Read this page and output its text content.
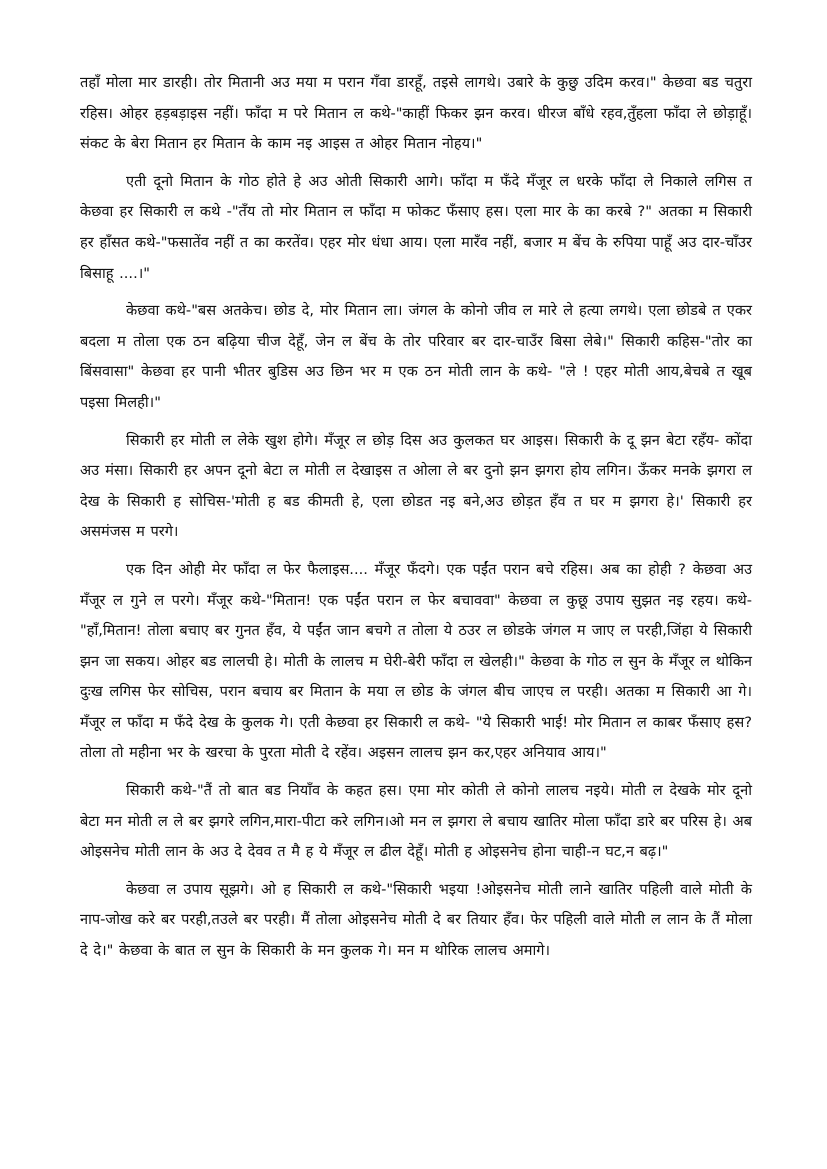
तहाँ मोला मार डारही। तोर मितानी अउ मया म परान गँवा डारहूँ, तइसे लागथे। उबारे के कुछु उदिम करव।" केछवा बड चतुरा रहिस। ओहर हड़बड़ाइस नहीं। फाँदा म परे मितान ल कथे-"काहीं फिकर झन करव। धीरज बाँधे रहव,तुँहला फाँदा ले छोड़ाहूँ। संकट के बेरा मितान हर मितान के काम नइ आइस त ओहर मितान नोहय।"

एती दूनो मितान के गोठ होते हे अउ ओती सिकारी आगे। फाँदा म फँदे मँजूर ल धरके फाँदा ले निकाले लगिस त केछवा हर सिकारी ल कथे -"तँय तो मोर मितान ल फाँदा म फोकट फँसाए हस। एला मार के का करबे ?" अतका म सिकारी हर हाँसत कथे-"फसातेंव नहीं त का करतेंव। एहर मोर धंधा आय। एला मारँव नहीं, बजार म बेंच के रुपिया पाहूँ अउ दार-चाँउर बिसाहू ....।"

केछवा कथे-"बस अतकेच। छोड दे, मोर मितान ला। जंगल के कोनो जीव ल मारे ले हत्या लगथे। एला छोडबे त एकर बदला म तोला एक ठन बढ़िया चीज देहूँ, जेन ल बेंच के तोर परिवार बर दार-चाउँर बिसा लेबे।" सिकारी कहिस-"तोर का बिंसवासा" केछवा हर पानी भीतर बुडिस अउ छिन भर म एक ठन मोती लान के कथे- "ले ! एहर मोती आय,बेचबे त खूब पइसा मिलही।"

सिकारी हर मोती ल लेके खुश होगे। मँजूर ल छोड़ दिस अउ कुलकत घर आइस। सिकारी के दू झन बेटा रहँय- कोंदा अउ मंसा। सिकारी हर अपन दूनो बेटा ल मोती ल देखाइस त ओला ले बर दुनो झन झगरा होय लगिन। ऊँकर मनके झगरा ल देख के सिकारी ह सोचिस-'मोती ह बड कीमती हे, एला छोडत नइ बने,अउ छोड़त हँव त घर म झगरा हे।' सिकारी हर असमंजस म परगे।

एक दिन ओही मेर फाँदा ल फेर फैलाइस.... मँजूर फँदगे। एक पईंत परान बचे रहिस। अब का होही ? केछवा अउ मँजूर ल गुने ल परगे। मँजूर कथे-"मितान! एक पईंत परान ल फेर बचाववा" केछवा ल कुछू उपाय सुझत नइ रहय। कथे-"हाँ,मितान! तोला बचाए बर गुनत हँव, ये पईंत जान बचगे त तोला ये ठउर ल छोडके जंगल म जाए ल परही,जिंहा ये सिकारी झन जा सकय। ओहर बड लालची हे। मोती के लालच म घेरी-बेरी फाँदा ल खेलही।" केछवा के गोठ ल सुन के मँजूर ल थोकिन दुःख लगिस फेर सोचिस, परान बचाय बर मितान के मया ल छोड के जंगल बीच जाएच ल परही। अतका म सिकारी आ गे। मँजूर ल फाँदा म फँदे देख के कुलक गे। एती केछवा हर सिकारी ल कथे- "ये सिकारी भाई! मोर मितान ल काबर फँसाए हस? तोला तो महीना भर के खरचा के पुरता मोती दे रहेंव। अइसन लालच झन कर,एहर अनियाव आय।"

सिकारी कथे-"तैं तो बात बड नियाँव के कहत हस। एमा मोर कोती ले कोनो लालच नइये। मोती ल देखके मोर दूनो बेटा मन मोती ल ले बर झगरे लगिन,मारा-पीटा करे लगिन।ओ मन ल झगरा ले बचाय खातिर मोला फाँदा डारे बर परिस हे। अब ओइसनेच मोती लान के अउ दे देवव त मै ह ये मँजूर ल ढील देहूँ। मोती ह ओइसनेच होना चाही-न घट,न बढ़।"

केछवा ल उपाय सूझगे। ओ ह सिकारी ल कथे-"सिकारी भइया !ओइसनेच मोती लाने खातिर पहिली वाले मोती के नाप-जोख करे बर परही,तउले बर परही। मैं तोला ओइसनेच मोती दे बर तियार हँव। फेर पहिली वाले मोती ल लान के तैं मोला दे दे।" केछवा के बात ल सुन के सिकारी के मन कुलक गे। मन म थोरिक लालच अमागे।
